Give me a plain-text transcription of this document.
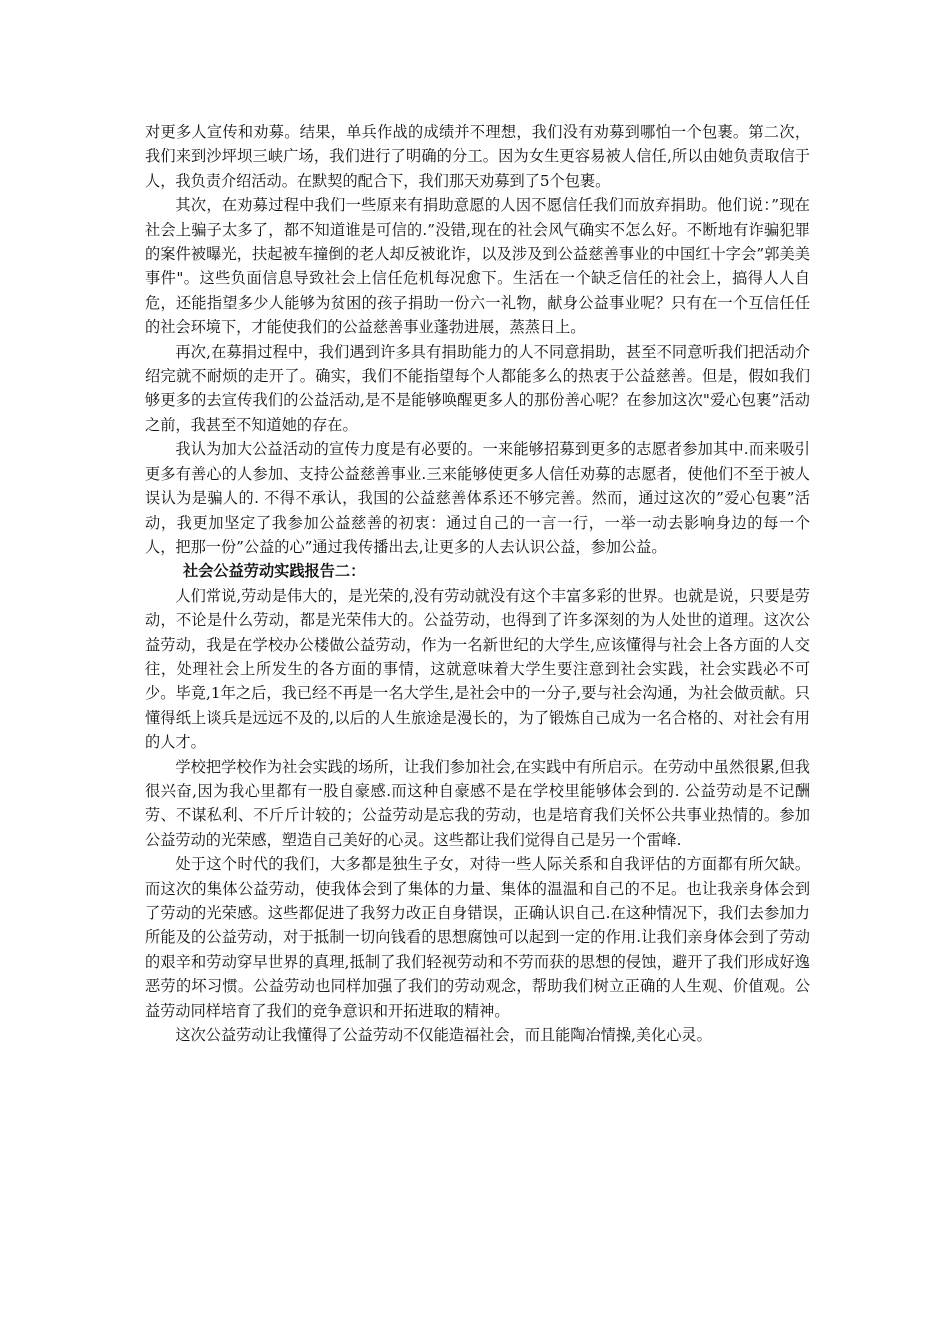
对更多人宣传和劝募。结果，单兵作战的成绩并不理想，我们没有劝募到哪怕一个包裹。第二次，我们来到沙坪坝三峡广场，我们进行了明确的分工。因为女生更容易被人信任,所以由她负责取信于人，我负责介绍活动。在默契的配合下，我们那天劝募到了5个包裹。

其次，在劝募过程中我们一些原来有捐助意愿的人因不愿信任我们而放弃捐助。他们说：”现在社会上骗子太多了，都不知道谁是可信的.”没错,现在的社会风气确实不怎么好。不断地有诈骗犯罪的案件被曝光，扶起被车撞倒的老人却反被讹诈，以及涉及到公益慈善事业的中国红十字会”郭美美事件"。这些负面信息导致社会上信任危机每况愈下。生活在一个缺乏信任的社会上，搞得人人自危，还能指望多少人能够为贫困的孩子捐助一份六一礼物，献身公益事业呢？只有在一个互信任任的社会环境下，才能使我们的公益慈善事业蓬勃进展，蒸蒸日上。

再次,在募捐过程中，我们遇到许多具有捐助能力的人不同意捐助，甚至不同意听我们把活动介绍完就不耐烦的走开了。确实，我们不能指望每个人都能多么的热衷于公益慈善。但是，假如我们够更多的去宣传我们的公益活动,是不是能够唤醒更多人的那份善心呢？在参加这次"爱心包裹”活动之前，我甚至不知道她的存在。

我认为加大公益活动的宣传力度是有必要的。一来能够招募到更多的志愿者参加其中.而来吸引更多有善心的人参加、支持公益慈善事业.三来能够使更多人信任劝募的志愿者，使他们不至于被人误认为是骗人的. 不得不承认，我国的公益慈善体系还不够完善。然而，通过这次的”爱心包裹”活动，我更加坚定了我参加公益慈善的初衷：通过自己的一言一行，一举一动去影响身边的每一个人，把那一份”公益的心”通过我传播出去,让更多的人去认识公益，参加公益。

社会公益劳动实践报告二：

人们常说,劳动是伟大的，是光荣的,没有劳动就没有这个丰富多彩的世界。也就是说，只要是劳动，不论是什么劳动，都是光荣伟大的。公益劳动，也得到了许多深刻的为人处世的道理。这次公益劳动，我是在学校办公楼做公益劳动，作为一名新世纪的大学生,应该懂得与社会上各方面的人交往，处理社会上所发生的各方面的事情，这就意味着大学生要注意到社会实践，社会实践必不可少。毕竟,1年之后，我已经不再是一名大学生,是社会中的一分子,要与社会沟通，为社会做贡献。只懂得纸上谈兵是远远不及的,以后的人生旅途是漫长的，为了锻炼自己成为一名合格的、对社会有用的人才。

学校把学校作为社会实践的场所，让我们参加社会,在实践中有所启示。在劳动中虽然很累,但我很兴奋,因为我心里都有一股自豪感.而这种自豪感不是在学校里能够体会到的. 公益劳动是不记酬劳、不谋私利、不斤斤计较的；公益劳动是忘我的劳动，也是培育我们关怀公共事业热情的。参加公益劳动的光荣感，塑造自己美好的心灵。这些都让我们觉得自己是另一个雷峰.

处于这个时代的我们，大多都是独生子女，对待一些人际关系和自我评估的方面都有所欠缺。而这次的集体公益劳动，使我体会到了集体的力量、集体的温温和自己的不足。也让我亲身体会到了劳动的光荣感。这些都促进了我努力改正自身错误，正确认识自己.在这种情况下，我们去参加力所能及的公益劳动，对于抵制一切向钱看的思想腐蚀可以起到一定的作用.让我们亲身体会到了劳动的艰辛和劳动穿早世界的真理,抵制了我们轻视劳动和不劳而获的思想的侵蚀，避开了我们形成好逸恶劳的坏习惯。公益劳动也同样加强了我们的劳动观念，帮助我们树立正确的人生观、价值观。公益劳动同样培育了我们的竞争意识和开拓进取的精神。

这次公益劳动让我懂得了公益劳动不仅能造福社会，而且能陶冶情操,美化心灵。
